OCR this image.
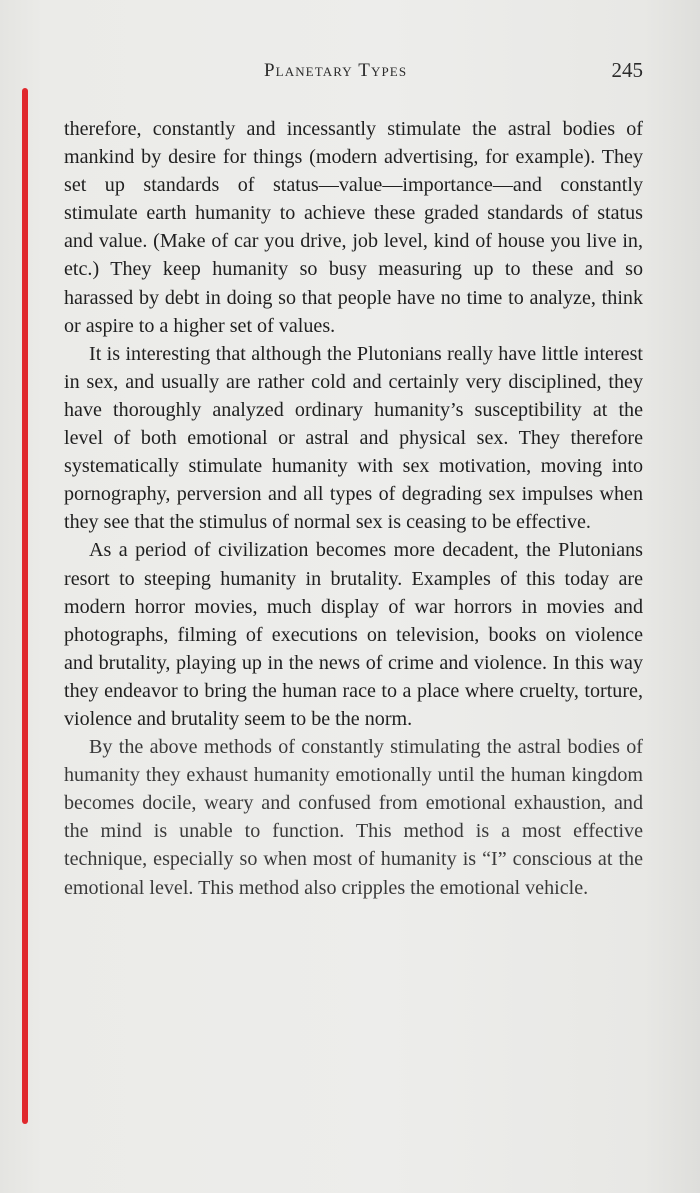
Planetary Types	245

therefore, constantly and incessantly stimulate the astral bodies of mankind by desire for things (modern advertising, for example). They set up standards of status—value—importance—and constantly stimulate earth humanity to achieve these graded standards of status and value. (Make of car you drive, job level, kind of house you live in, etc.) They keep humanity so busy measuring up to these and so harassed by debt in doing so that people have no time to analyze, think or aspire to a higher set of values.

It is interesting that although the Plutonians really have little interest in sex, and usually are rather cold and certainly very disciplined, they have thoroughly analyzed ordinary humanity’s susceptibility at the level of both emotional or astral and physical sex. They therefore systematically stimulate humanity with sex motivation, moving into pornography, perversion and all types of degrading sex impulses when they see that the stimulus of normal sex is ceasing to be effective.

As a period of civilization becomes more decadent, the Plutonians resort to steeping humanity in brutality. Examples of this today are modern horror movies, much display of war horrors in movies and photographs, filming of executions on television, books on violence and brutality, playing up in the news of crime and violence. In this way they endeavor to bring the human race to a place where cruelty, torture, violence and brutality seem to be the norm.

By the above methods of constantly stimulating the astral bodies of humanity they exhaust humanity emotionally until the human kingdom becomes docile, weary and confused from emotional exhaustion, and the mind is unable to function. This method is a most effective technique, especially so when most of humanity is “I” conscious at the emotional level. This method also cripples the emotional vehicle.
